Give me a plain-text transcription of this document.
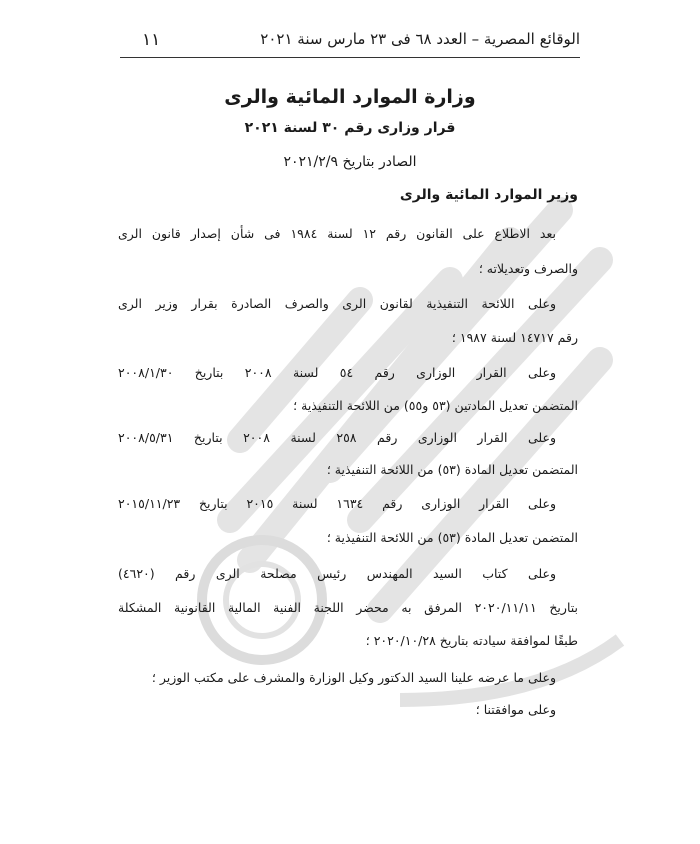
١١	الوقائع المصرية – العدد ٦٨ فى ٢٣ مارس سنة ٢٠٢١
وزارة الموارد المائية والرى
قرار وزارى رقم ٣٠ لسنة ٢٠٢١
الصادر بتاريخ ٢٠٢١/٢/٩
وزير الموارد المائية والرى
بعد الاطلاع على القانون رقم ١٢ لسنة ١٩٨٤ فى شأن إصدار قانون الرى
والصرف وتعديلاته ؛
وعلى اللائحة التنفيذية لقانون الرى والصرف الصادرة بقرار وزير الرى
رقم ١٤٧١٧ لسنة ١٩٨٧ ؛
وعلى القرار الوزارى رقم ٥٤ لسنة ٢٠٠٨ بتاريخ ٢٠٠٨/١/٣٠
المتضمن تعديل المادتين (٥٣ و٥٥) من اللائحة التنفيذية ؛
وعلى القرار الوزارى رقم ٢٥٨ لسنة ٢٠٠٨ بتاريخ ٢٠٠٨/٥/٣١
المتضمن تعديل المادة (٥٣) من اللائحة التنفيذية ؛
وعلى القرار الوزارى رقم ١٦٣٤ لسنة ٢٠١٥ بتاريخ ٢٠١٥/١١/٢٣
المتضمن تعديل المادة (٥٣) من اللائحة التنفيذية ؛
وعلى كتاب السيد المهندس رئيس مصلحة الرى رقم (٤٦٢٠)
بتاريخ ٢٠٢٠/١١/١١ المرفق به محضر اللجنة الفنية المالية القانونية المشكلة
طبقًا لموافقة سيادته بتاريخ ٢٠٢٠/١٠/٢٨ ؛
وعلى ما عرضه علينا السيد الدكتور وكيل الوزارة والمشرف على مكتب الوزير ؛
وعلى موافقتنا ؛
